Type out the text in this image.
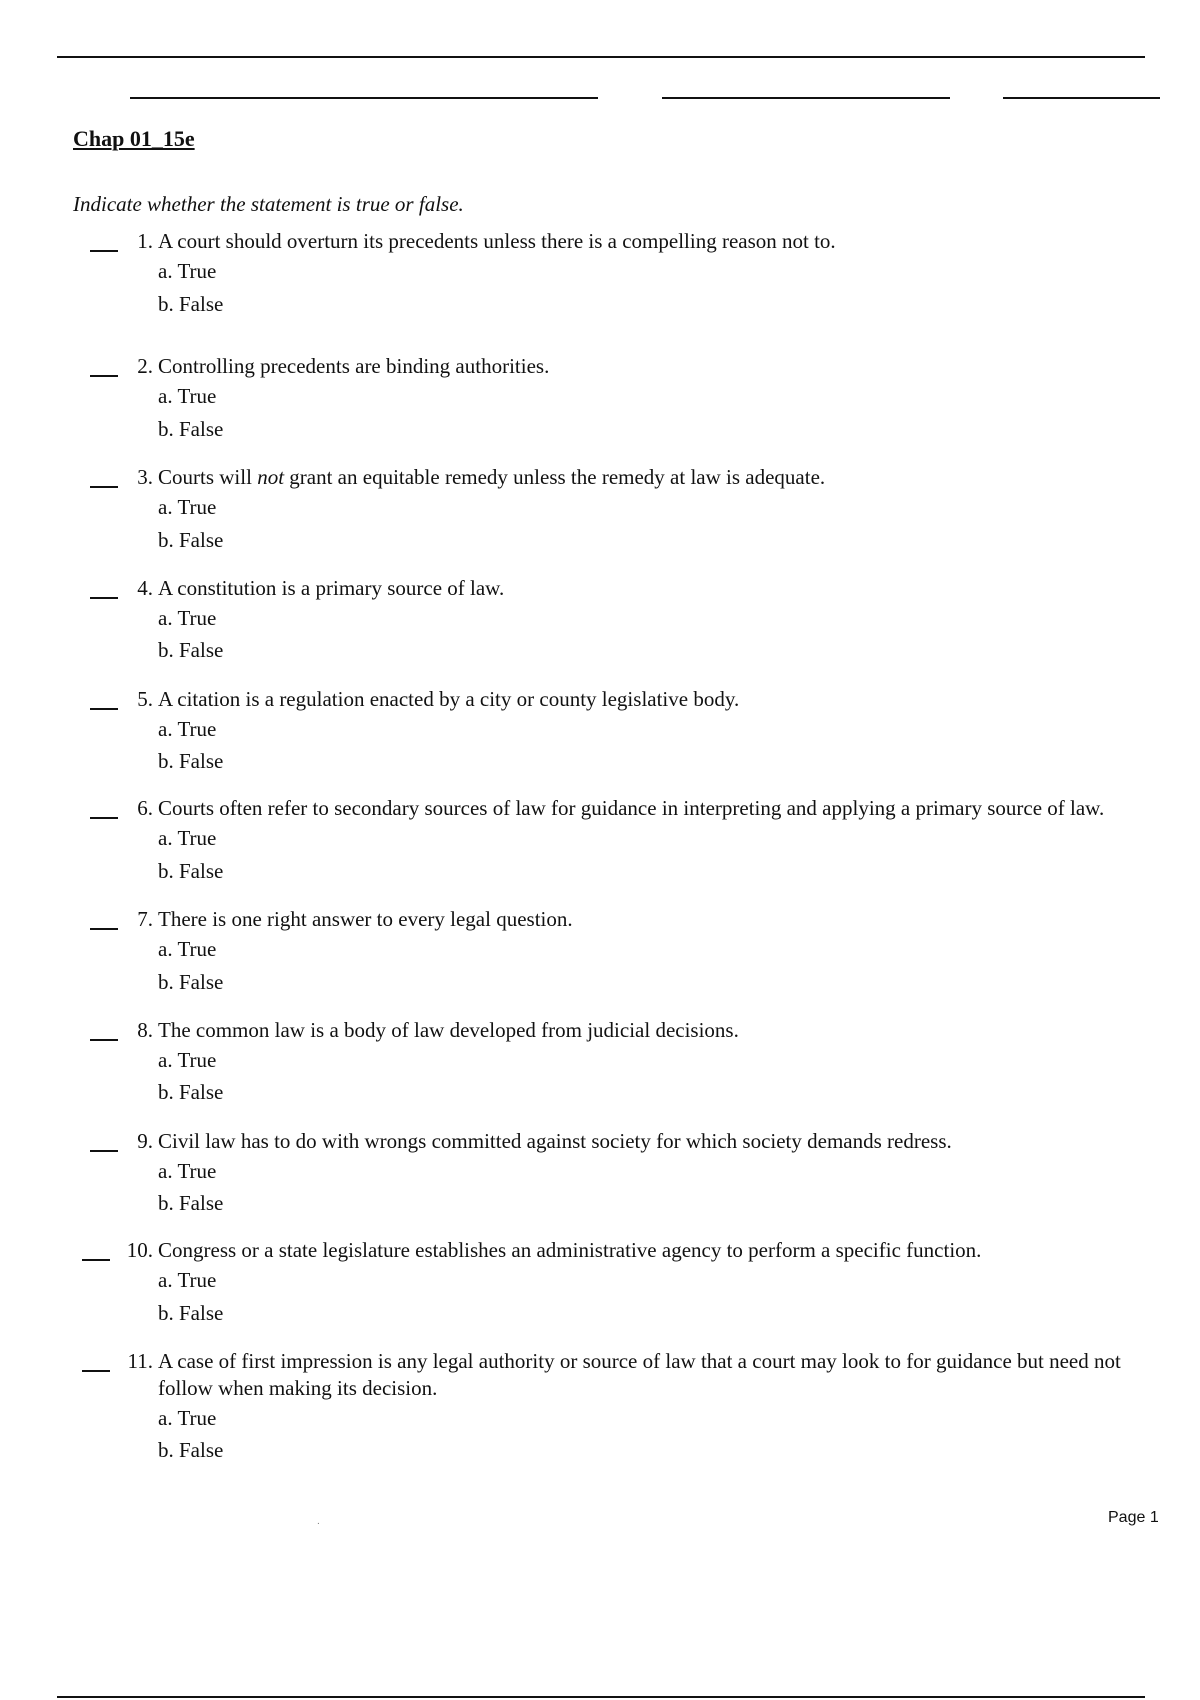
Chap 01_15e
Indicate whether the statement is true or false.
1. A court should overturn its precedents unless there is a compelling reason not to.
a. True
b. False
2. Controlling precedents are binding authorities.
a. True
b. False
3. Courts will not grant an equitable remedy unless the remedy at law is adequate.
a. True
b. False
4. A constitution is a primary source of law.
a. True
b. False
5. A citation is a regulation enacted by a city or county legislative body.
a. True
b. False
6. Courts often refer to secondary sources of law for guidance in interpreting and applying a primary source of law.
a. True
b. False
7. There is one right answer to every legal question.
a. True
b. False
8. The common law is a body of law developed from judicial decisions.
a. True
b. False
9. Civil law has to do with wrongs committed against society for which society demands redress.
a. True
b. False
10. Congress or a state legislature establishes an administrative agency to perform a specific function.
a. True
b. False
11. A case of first impression is any legal authority or source of law that a court may look to for guidance but need not follow when making its decision.
a. True
b. False
.	Page 1
